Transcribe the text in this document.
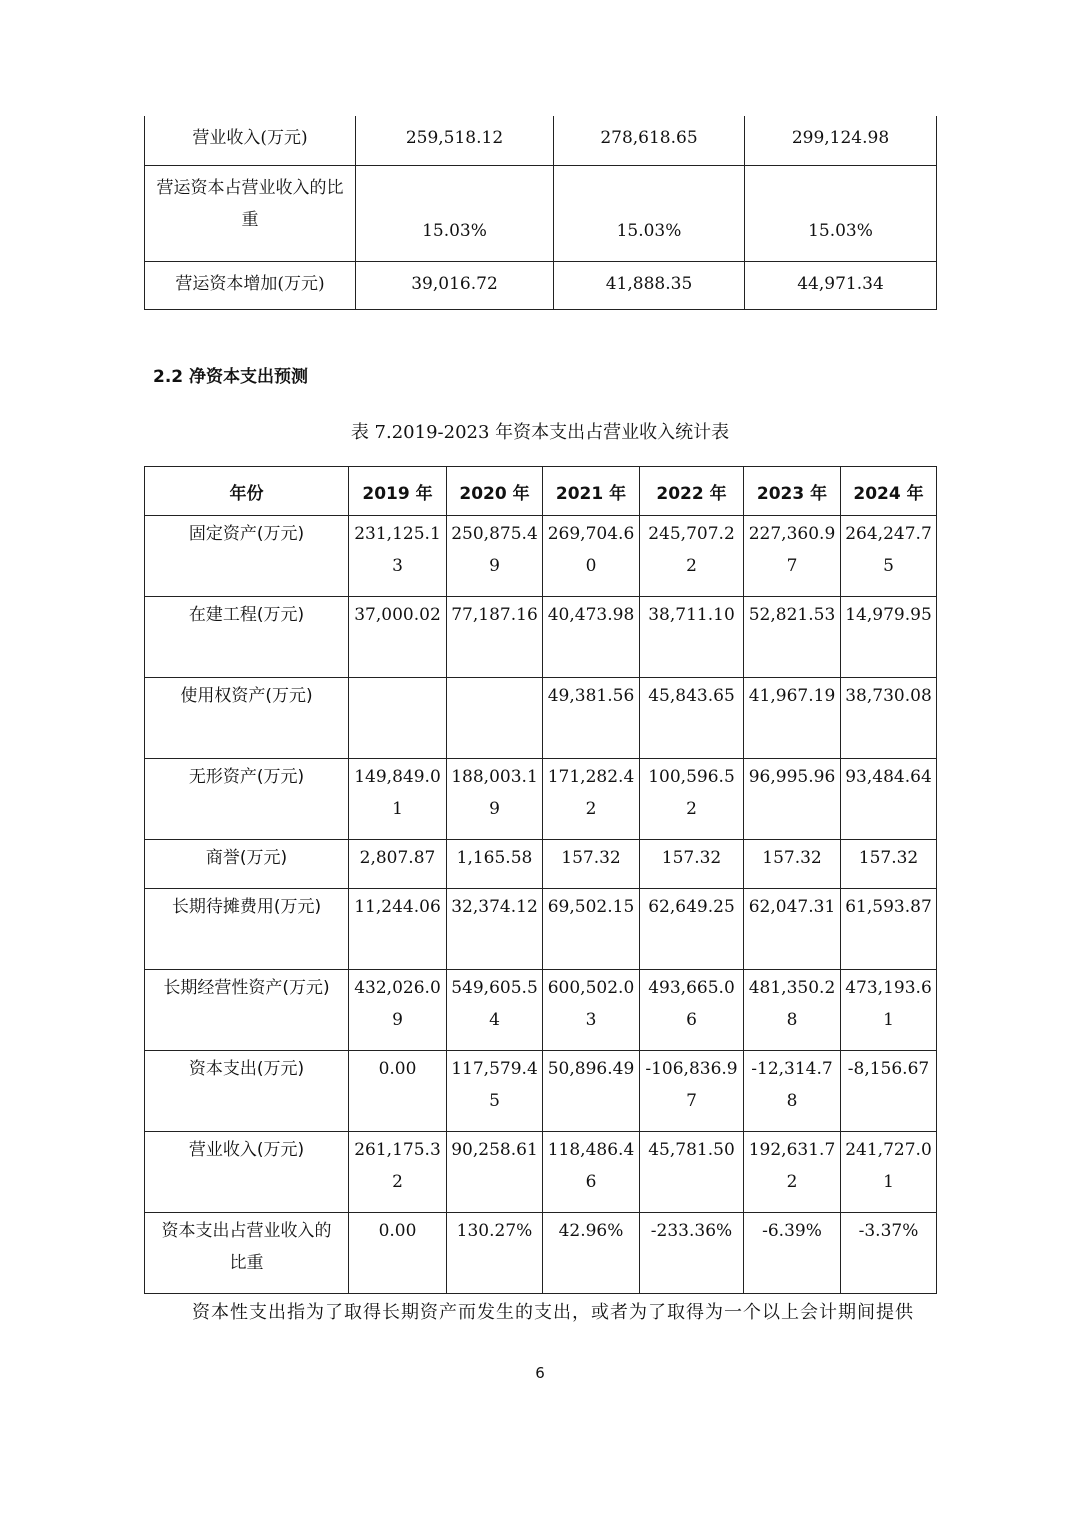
营业收入(万元)	259,518.12	278,618.65	299,124.98
营运资本占营业收入的比重	15.03%	15.03%	15.03%
营运资本增加(万元)	39,016.72	41,888.35	44,971.34
2.2 净资本支出预测
表 7.2019-2023 年资本支出占营业收入统计表
年份	2019 年	2020 年	2021 年	2022 年	2023 年	2024 年
固定资产(万元)	231,125.13	250,875.49	269,704.60	245,707.22	227,360.97	264,247.75
在建工程(万元)	37,000.02	77,187.16	40,473.98	38,711.10	52,821.53	14,979.95
使用权资产(万元)			49,381.56	45,843.65	41,967.19	38,730.08
无形资产(万元)	149,849.01	188,003.19	171,282.42	100,596.52	96,995.96	93,484.64
商誉(万元)	2,807.87	1,165.58	157.32	157.32	157.32	157.32
长期待摊费用(万元)	11,244.06	32,374.12	69,502.15	62,649.25	62,047.31	61,593.87
长期经营性资产(万元)	432,026.09	549,605.54	600,502.03	493,665.06	481,350.28	473,193.61
资本支出(万元)	0.00	117,579.45	50,896.49	-106,836.97	-12,314.78	-8,156.67
营业收入(万元)	261,175.32	90,258.61	118,486.46	45,781.50	192,631.72	241,727.01
资本支出占营业收入的比重	0.00	130.27%	42.96%	-233.36%	-6.39%	-3.37%
资本性支出指为了取得长期资产而发生的支出，或者为了取得为一个以上会计期间提供
6
